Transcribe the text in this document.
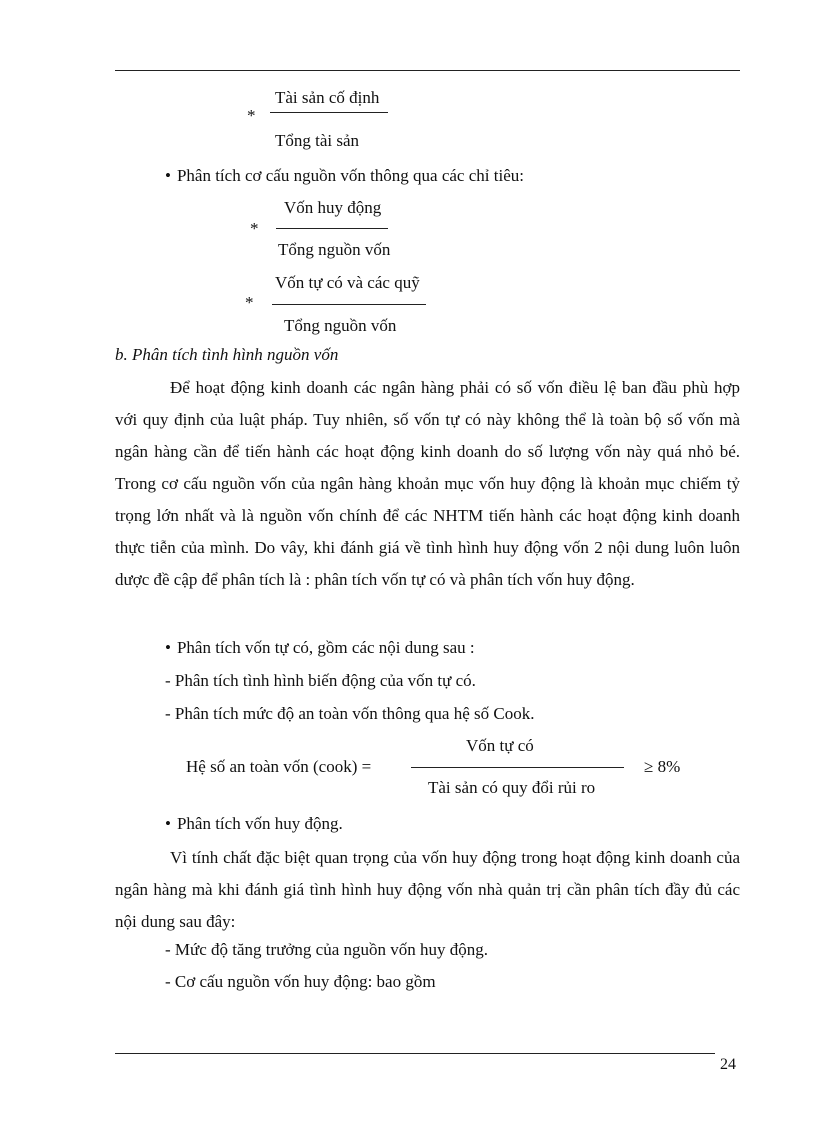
*
Tài sản cố định
Tổng tài sản
• Phân tích cơ cấu nguồn vốn thông qua các chỉ tiêu:
*
Vốn huy động
Tổng nguồn vốn
*
Vốn tự có và các quỹ
Tổng nguồn vốn
b. Phân tích tình hình nguồn vốn

Để hoạt động kinh doanh các ngân hàng phải có số vốn điều lệ ban đầu phù hợp với quy định của luật pháp. Tuy nhiên, số vốn tự có này không thể là toàn bộ số vốn mà ngân hàng cần để tiến hành các hoạt động kinh doanh do số lượng vốn này quá nhỏ bé. Trong cơ cấu nguồn vốn của ngân hàng khoản mục vốn huy động là khoản mục chiếm tỷ trọng lớn nhất và là nguồn vốn chính để các NHTM tiến hành các hoạt động kinh doanh thực tiễn của mình. Do vây, khi đánh giá về tình hình huy động vốn 2 nội dung luôn luôn dược đề cập để phân tích là : phân tích vốn tự có và phân tích vốn huy động.

• Phân tích vốn tự có, gồm các nội dung sau :
- Phân tích tình hình biến động của vốn tự có.
- Phân tích mức độ an toàn vốn thông qua hệ số Cook.
Hệ số an toàn vốn (cook) =
Vốn tự có
Tài sản có quy đổi rủi ro
≥ 8%
• Phân tích vốn huy động.

Vì tính chất đặc biệt quan trọng của vốn huy động trong hoạt động kinh doanh của ngân hàng mà khi đánh giá tình hình huy động vốn nhà quản trị cần phân tích đầy đủ các nội dung sau đây:

- Mức độ tăng trưởng của nguồn vốn huy động.
- Cơ cấu nguồn vốn huy động: bao gồm
24
